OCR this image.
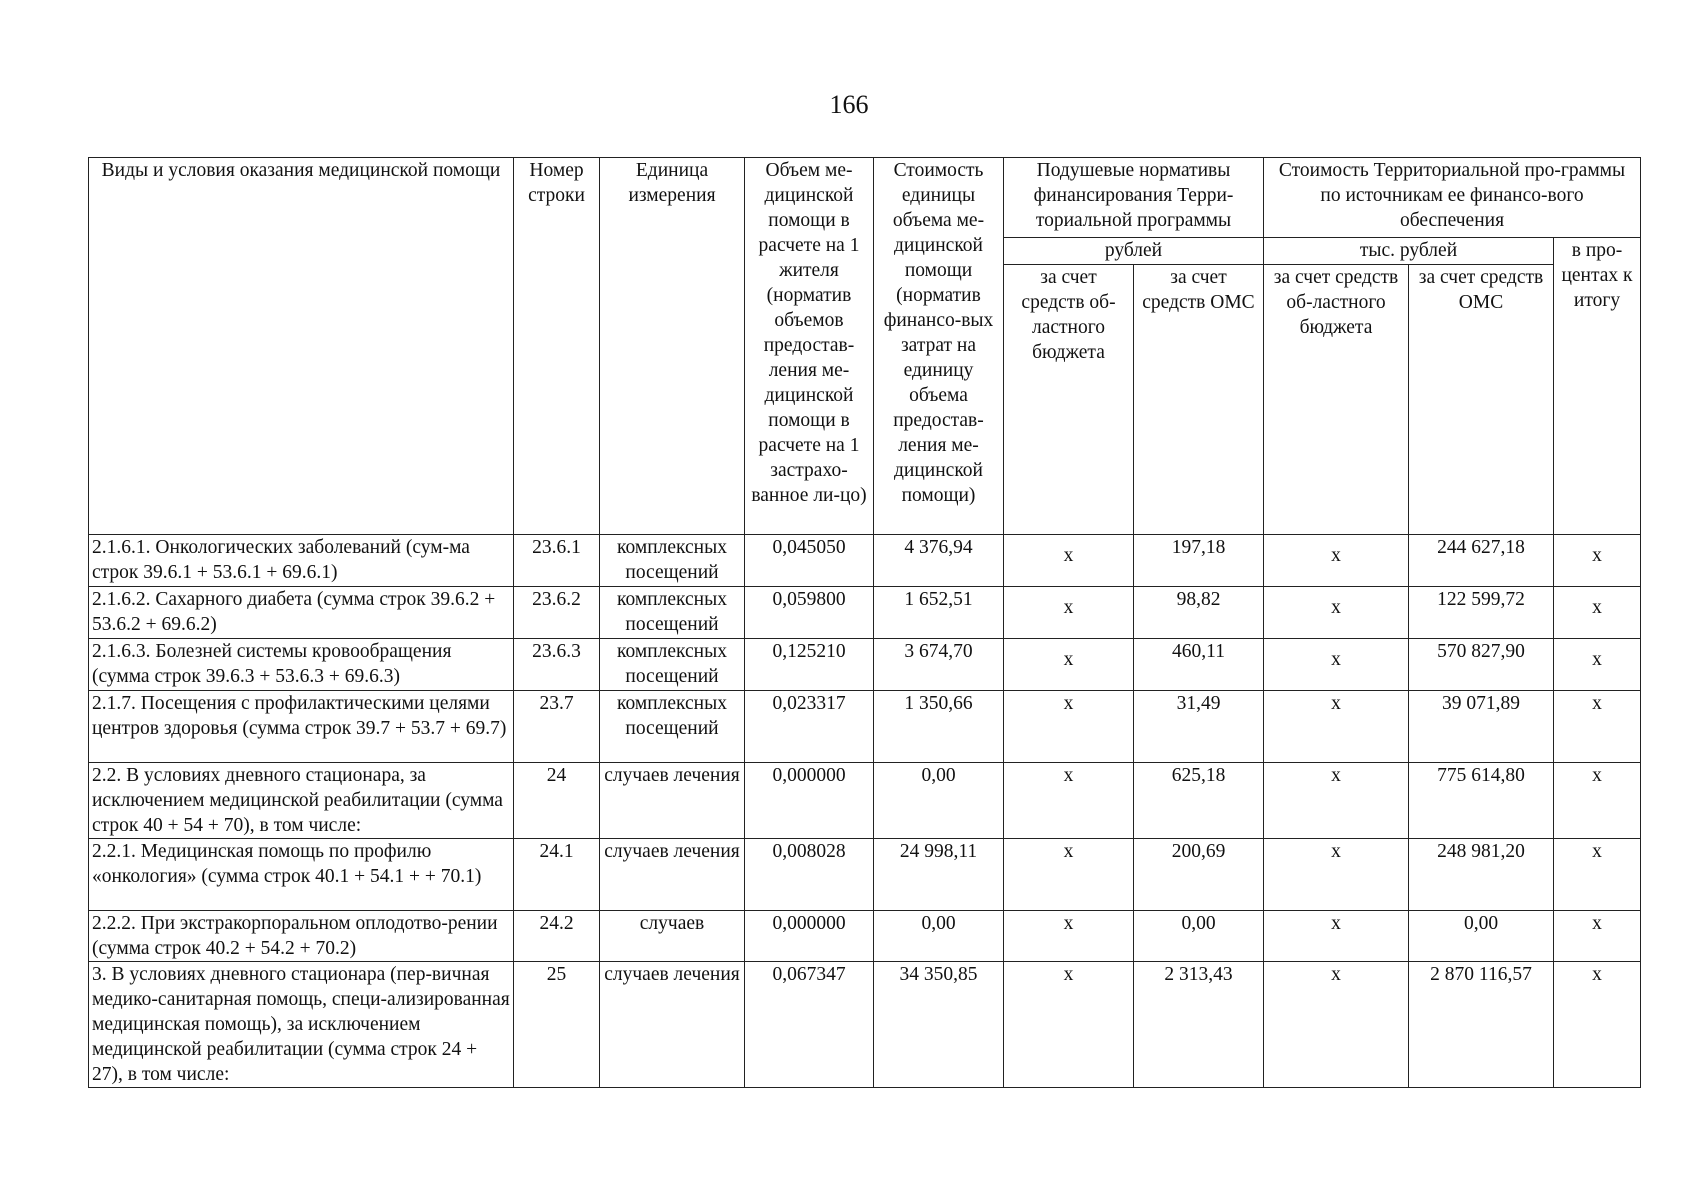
166
Виды и условия оказания медицинской помощи	Номер строки	Единица измерения	Объем ме-дицинской помощи в расчете на 1 жителя (норматив объемов предостав-ления ме-дицинской помощи в расчете на 1 застрахо-ванное ли-цо)	Стоимость единицы объема ме-дицинской помощи (норматив финансо-вых затрат на единицу объема предостав-ления ме-дицинской помощи)	Подушевые нормативы финансирования Терри-ториальной программы		Стоимость Территориальной про-граммы по источникам ее финансо-вого обеспечения		
					рублей		тыс. рублей		в про-центах к итогу
					за счет средств об-ластного бюджета	за счет средств ОМС	за счет средств об-ластного бюджета	за счет средств ОМС	
2.1.6.1. Онкологических заболеваний (сум-ма строк 39.6.1 + 53.6.1 + 69.6.1)	23.6.1	комплексных посещений	0,045050	4 376,94	х	197,18	х	244 627,18	х
2.1.6.2. Сахарного диабета (сумма строк 39.6.2 + 53.6.2 + 69.6.2)	23.6.2	комплексных посещений	0,059800	1 652,51	х	98,82	х	122 599,72	х
2.1.6.3. Болезней системы кровообращения (сумма строк 39.6.3 + 53.6.3 + 69.6.3)	23.6.3	комплексных посещений	0,125210	3 674,70	х	460,11	х	570 827,90	х
2.1.7. Посещения с профилактическими целями центров здоровья (сумма строк 39.7 + 53.7 + 69.7)	23.7	комплексных посещений	0,023317	1 350,66	х	31,49	х	39 071,89	х
2.2. В условиях дневного стационара, за исключением медицинской реабилитации (сумма строк 40 + 54 + 70), в том числе:	24	случаев лечения	0,000000	0,00	х	625,18	х	775 614,80	х
2.2.1. Медицинская помощь по профилю «онкология» (сумма строк 40.1 + 54.1 + + 70.1)	24.1	случаев лечения	0,008028	24 998,11	х	200,69	х	248 981,20	х
2.2.2. При экстракорпоральном оплодотво-рении (сумма строк 40.2 + 54.2 + 70.2)	24.2	случаев	0,000000	0,00	х	0,00	х	0,00	х
3. В условиях дневного стационара (пер-вичная медико-санитарная помощь, специ-ализированная медицинская помощь), за исключением медицинской реабилитации (сумма строк 24 + 27), в том числе:	25	случаев лечения	0,067347	34 350,85	х	2 313,43	х	2 870 116,57	х
